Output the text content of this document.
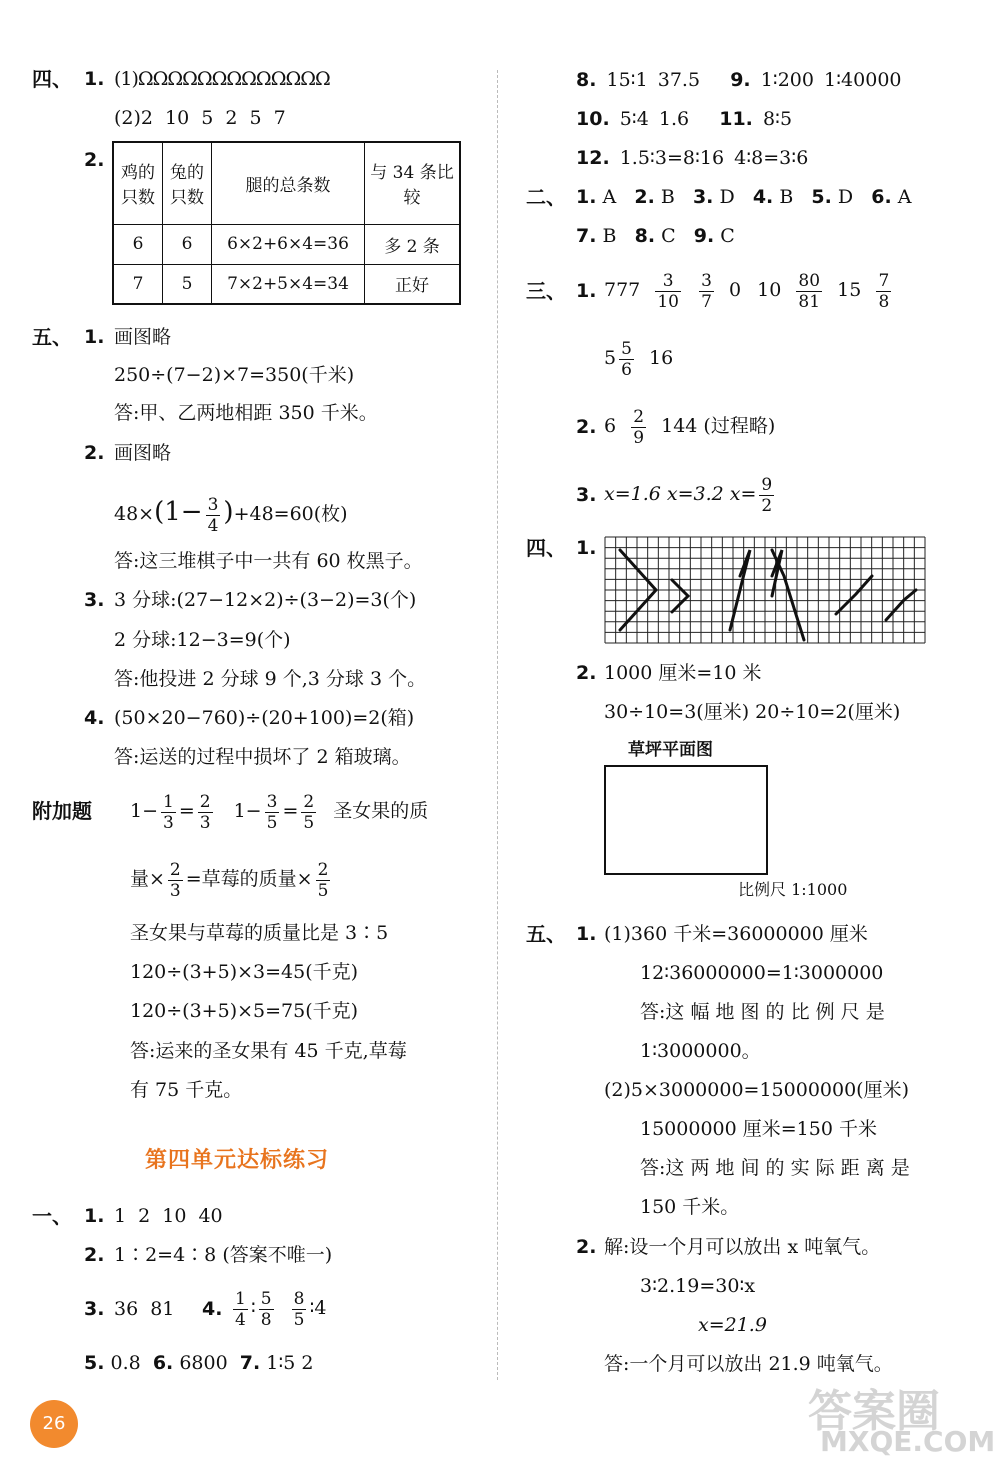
四、 1. (1)ΩΩΩΩΩΩΩΩΩΩΩΩΩ
(2)2 10 5 2 5 7
2.
鸡的只数	兔的只数	腿的总条数	与 34 条比较
6	6	6×2+6×4=36	多 2 条
7	5	7×2+5×4=34	正好
五、 1. 画图略
250÷(7−2)×7=350(千米)
答:甲、乙两地相距 350 千米。
2. 画图略
$48\times(1- \frac{3}{4} )+48=60$(枚)
答:这三堆棋子中一共有 60 枚黑子。
3. 3 分球:(27−12×2)÷(3−2)=3(个)
2 分球:12−3=9(个)
答:他投进 2 分球 9 个,3 分球 3 个。
4. (50×20−760)÷(20+100)=2(箱)
答:运送的过程中损坏了 2 箱玻璃。
附加题 $1- \frac{1}{3} = \frac{2}{3} 1- \frac{3}{5} = \frac{2}{5}$ 圣女果的质
量× $\frac{2}{3}$ =草莓的质量× $\frac{2}{5}$
圣女果与草莓的质量比是 3∶5
120÷(3+5)×3=45(千克)
120÷(3+5)×5=75(千克)
答:运来的圣女果有 45 千克,草莓
有 75 千克。
第四单元达标练习
一、 1. 1 2 10 40
2. 1∶2=4∶8 (答案不唯一)
3. 36 81 4. $\frac{1}{4}$ ∶ $\frac{5}{8} \frac{8}{5}$ ∶4
5. 0.8 6. 6800 7. 1∶5 2
26
8. 15∶1 37.5 9. 1∶200 1∶40000
10. 5∶4 1.6 11. 8∶5
12. 1.5∶3=8∶16 4∶8=3∶6
二、 1. A 2. B 3. D 4. B 5. D 6. A
7. B 8. C 9. C
三、 1. $777 \frac{3}{10}$
$\frac{3}{7} 0$ $10 \frac{80}{81} 15 \frac{7}{8}$
$5 \frac{5}{6} 16$
2. $6 \frac{2}{9} 144$ (过程略)
3. x=1.6 x=3.2 $x= \frac{9}{2}$
四、 1.
2. 1000 厘米=10 米
30÷10=3(厘米) 20÷10=2(厘米)
草坪平面图
比例尺 1:1000
五、 1. (1)360 千米=36000000 厘米
12∶36000000=1∶3000000
答:这 幅 地 图 的 比 例 尺 是
1∶3000000。
(2)5×3000000=15000000(厘米)
15000000 厘米=150 千米
答:这 两 地 间 的 实 际 距 离 是
150 千米。
2. 解:设一个月可以放出 x 吨氧气。
3∶2.19=30∶x
x=21.9
答:一个月可以放出 21.9 吨氧气。
答案圈
MXQE.COM
